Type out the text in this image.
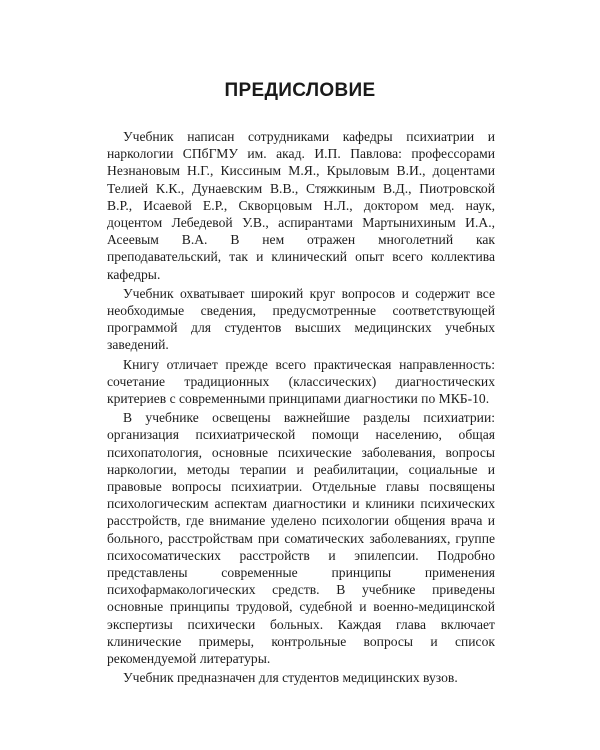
ПРЕДИСЛОВИЕ

Учебник написан сотрудниками кафедры психиатрии и наркологии СПбГМУ им. акад. И.П. Павлова: профессорами Незнановым Н.Г., Киссиным М.Я., Крыловым В.И., доцентами Телией К.К., Дунаевским В.В., Стяжкиным В.Д., Пиотровской В.Р., Исаевой Е.Р., Скворцовым Н.Л., доктором мед. наук, доцентом Лебедевой У.В., аспирантами Мартынихиным И.А., Асеевым В.А. В нем отражен многолетний как преподавательский, так и клинический опыт всего коллектива кафедры.

Учебник охватывает широкий круг вопросов и содержит все необходимые сведения, предусмотренные соответствующей программой для студентов высших медицинских учебных заведений.

Книгу отличает прежде всего практическая направленность: сочетание традиционных (классических) диагностических критериев с современными принципами диагностики по МКБ-10.

В учебнике освещены важнейшие разделы психиатрии: организация психиатрической помощи населению, общая психопатология, основные психические заболевания, вопросы наркологии, методы терапии и реабилитации, социальные и правовые вопросы психиатрии. Отдельные главы посвящены психологическим аспектам диагностики и клиники психических расстройств, где внимание уделено психологии общения врача и больного, расстройствам при соматических заболеваниях, группе психосоматических расстройств и эпилепсии. Подробно представлены современные принципы применения психофармакологических средств. В учебнике приведены основные принципы трудовой, судебной и военно-медицинской экспертизы психически больных. Каждая глава включает клинические примеры, контрольные вопросы и список рекомендуемой литературы.

Учебник предназначен для студентов медицинских вузов.
